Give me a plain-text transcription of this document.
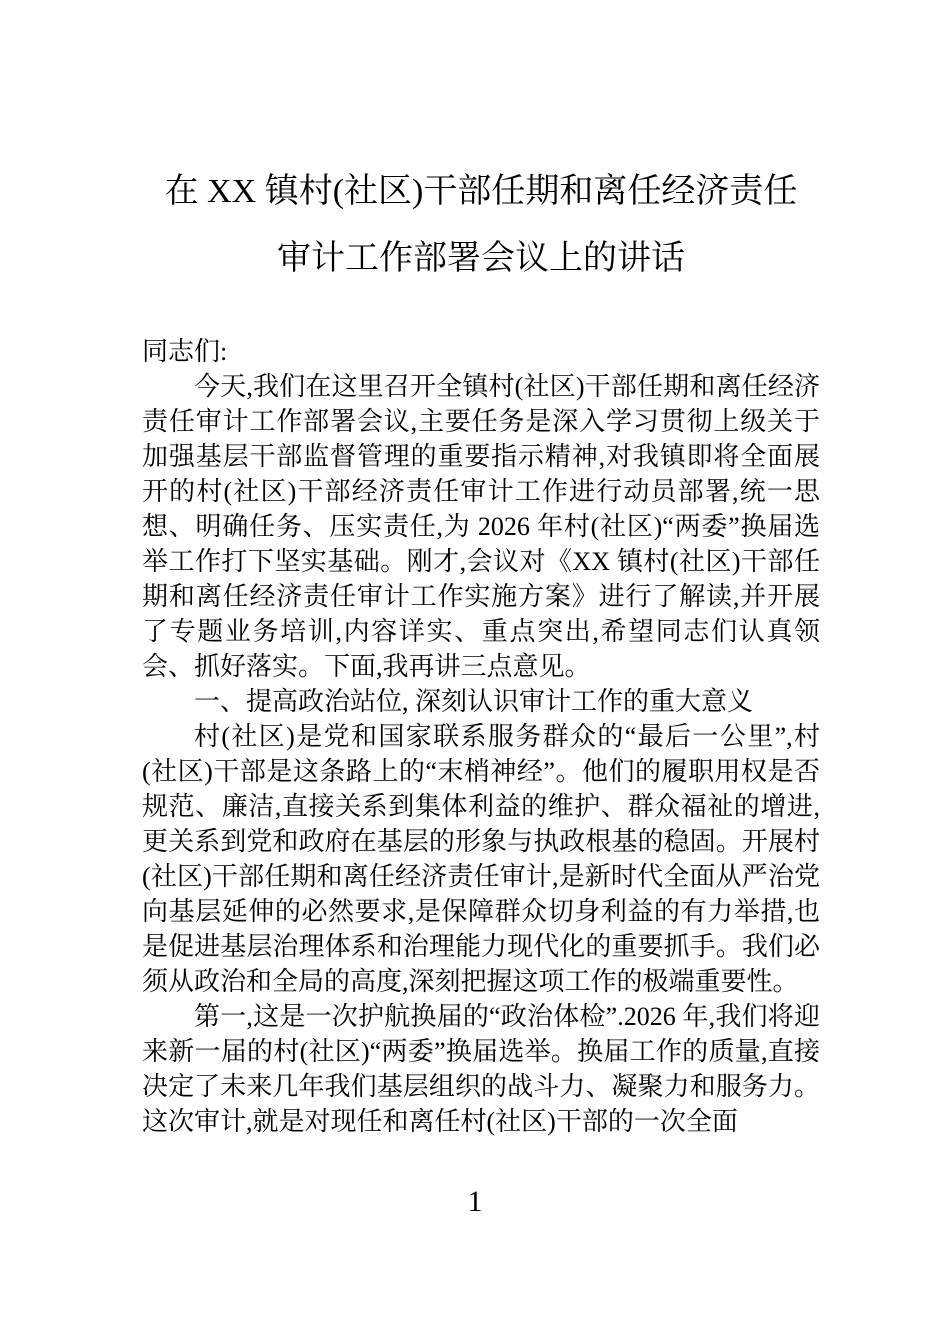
在 XX 镇村(社区)干部任期和离任经济责任
审计工作部署会议上的讲话

同志们:

今天,我们在这里召开全镇村(社区)干部任期和离任经济责任审计工作部署会议,主要任务是深入学习贯彻上级关于加强基层干部监督管理的重要指示精神,对我镇即将全面展开的村(社区)干部经济责任审计工作进行动员部署,统一思想、明确任务、压实责任,为 2026 年村(社区)“两委”换届选举工作打下坚实基础。刚才,会议对《XX 镇村(社区)干部任期和离任经济责任审计工作实施方案》进行了解读,并开展了专题业务培训,内容详实、重点突出,希望同志们认真领会、抓好落实。下面,我再讲三点意见。

一、提高政治站位, 深刻认识审计工作的重大意义

村(社区)是党和国家联系服务群众的“最后一公里”,村(社区)干部是这条路上的“末梢神经”。他们的履职用权是否规范、廉洁,直接关系到集体利益的维护、群众福祉的增进,更关系到党和政府在基层的形象与执政根基的稳固。开展村(社区)干部任期和离任经济责任审计,是新时代全面从严治党向基层延伸的必然要求,是保障群众切身利益的有力举措,也是促进基层治理体系和治理能力现代化的重要抓手。我们必须从政治和全局的高度,深刻把握这项工作的极端重要性。

第一,这是一次护航换届的“政治体检”.2026 年,我们将迎来新一届的村(社区)“两委”换届选举。换届工作的质量,直接决定了未来几年我们基层组织的战斗力、凝聚力和服务力。这次审计,就是对现任和离任村(社区)干部的一次全面

1
